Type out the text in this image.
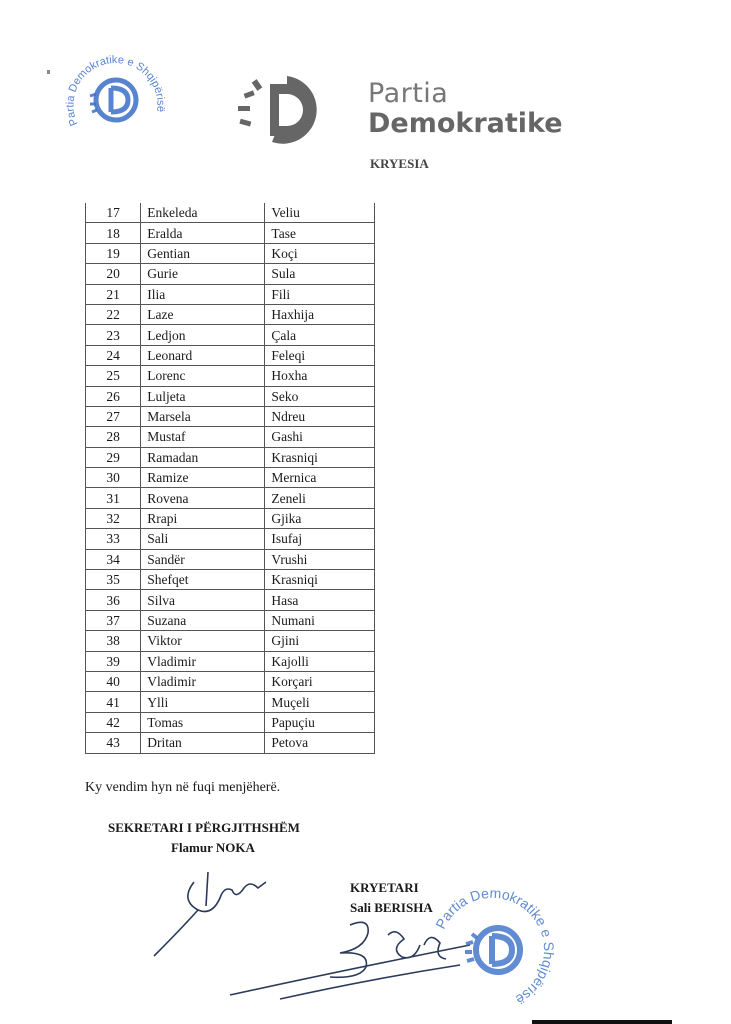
Partia Demokratike e Shqipërisë	Partia
Demokratike
KRYESIA
17	Enkeleda	Veliu
18	Eralda	Tase
19	Gentian	Koçi
20	Gurie	Sula
21	Ilia	Fili
22	Laze	Haxhija
23	Ledjon	Çala
24	Leonard	Feleqi
25	Lorenc	Hoxha
26	Luljeta	Seko
27	Marsela	Ndreu
28	Mustaf	Gashi
29	Ramadan	Krasniqi
30	Ramize	Mernica
31	Rovena	Zeneli
32	Rrapi	Gjika
33	Sali	Isufaj
34	Sandër	Vrushi
35	Shefqet	Krasniqi
36	Silva	Hasa
37	Suzana	Numani
38	Viktor	Gjini
39	Vladimir	Kajolli
40	Vladimir	Korçari
41	Ylli	Muçeli
42	Tomas	Papuçiu
43	Dritan	Petova
Ky vendim hyn në fuqi menjëherë.
SEKRETARI I PËRGJITHSHËM
Flamur NOKA
KRYETARI
Sali BERISHA
Partia Demokratike e Shqipërisë
